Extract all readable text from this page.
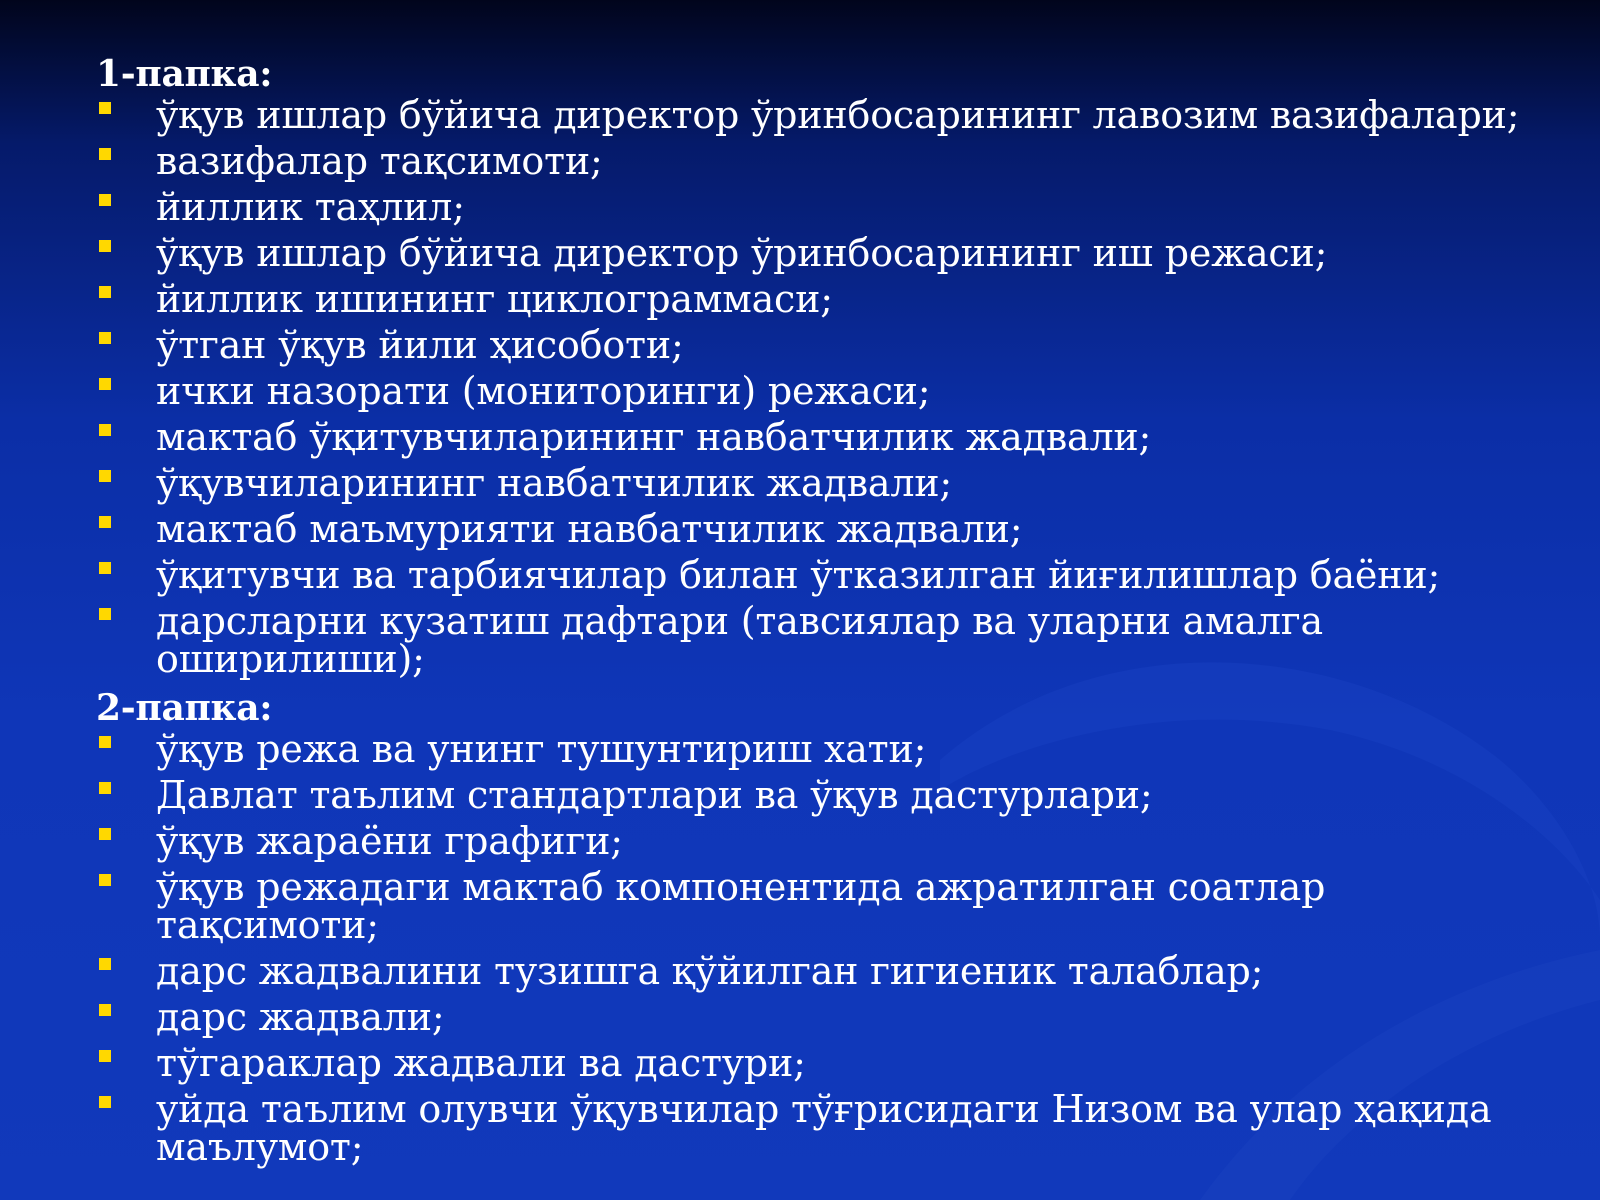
1-папка:
ўқув ишлар бўйича директор ўринбосарининг лавозим вазифалари;
вазифалар тақсимоти;
йиллик таҳлил;
ўқув ишлар бўйича директор ўринбосарининг иш режаси;
йиллик ишининг циклограммаси;
ўтган ўқув йили ҳисоботи;
ички назорати (мониторинги) режаси;
мактаб ўқитувчиларининг навбатчилик жадвали;
ўқувчиларининг навбатчилик жадвали;
мактаб маъмурияти навбатчилик жадвали;
ўқитувчи ва тарбиячилар билан ўтказилган йиғилишлар баёни;
дарсларни кузатиш дафтари (тавсиялар ва уларни амалга оширилиши);
2-папка:
ўқув режа ва унинг тушунтириш хати;
Давлат таълим стандартлари ва ўқув дастурлари;
ўқув жараёни графиги;
ўқув режадаги мактаб компонентида ажратилган соатлар тақсимоти;
дарс жадвалини тузишга қўйилган гигиеник талаблар;
дарс жадвали;
тўгараклар жадвали ва дастури;
уйда таълим олувчи ўқувчилар тўғрисидаги Низом ва улар ҳақида маълумот;
